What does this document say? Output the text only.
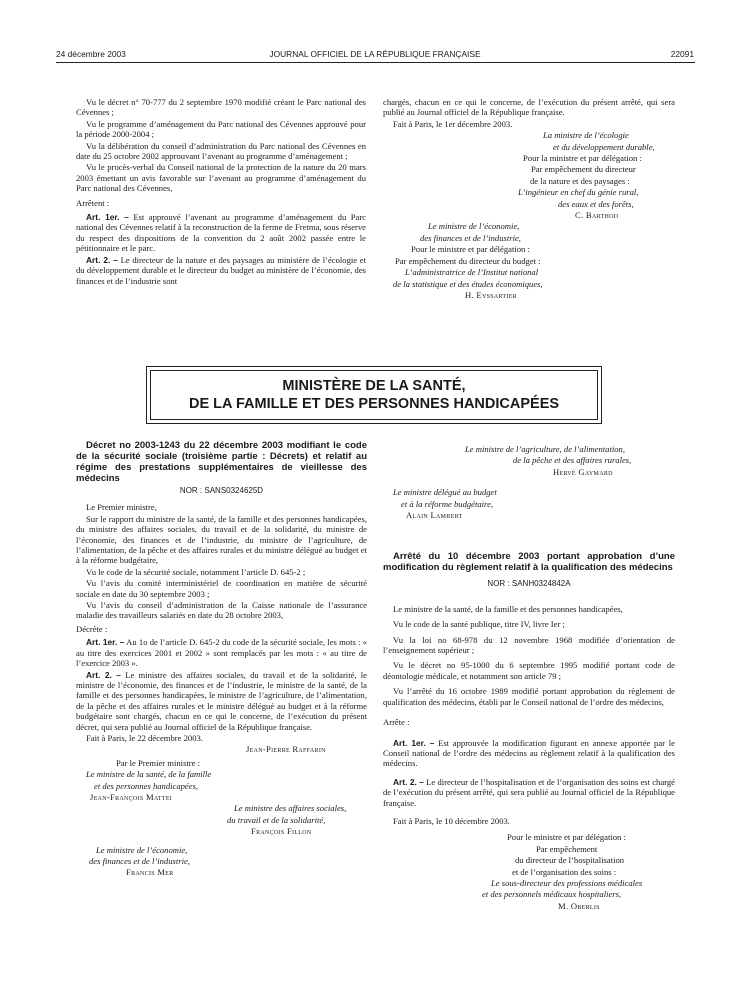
24 décembre 2003	JOURNAL OFFICIEL DE LA RÉPUBLIQUE FRANÇAISE	22091

Vu le décret n° 70-777 du 2 septembre 1970 modifié créant le Parc national des Cévennes ;

Vu le programme d’aménagement du Parc national des Cévennes approuvé pour la période 2000-2004 ;

Vu la délibération du conseil d’administration du Parc national des Cévennes en date du 25 octobre 2002 approuvant l’avenant au programme d’aménagement ;

Vu le procès-verbal du Conseil national de la protection de la nature du 20 mars 2003 émettant un avis favorable sur l’avenant au programme d’aménagement du Parc national des Cévennes,

Arrêtent :

Art. 1er. – Est approuvé l’avenant au programme d’aménagement du Parc national des Cévennes relatif à la reconstruction de la ferme de Fretma, sous réserve du respect des dispositions de la convention du 2 août 2002 passée entre le pétitionnaire et le parc.

Art. 2. – Le directeur de la nature et des paysages au ministère de l’écologie et du développement durable et le directeur du budget au ministère de l’économie, des finances et de l’industrie sont

chargés, chacun en ce qui le concerne, de l’exécution du présent arrêté, qui sera publié au Journal officiel de la République française.

Fait à Paris, le 1er décembre 2003.

La ministre de l’écologie

et du développement durable,

Pour la ministre et par délégation :

Par empêchement du directeur

de la nature et des paysages :

L’ingénieur en chef du génie rural,

des eaux et des forêts,

C. Barthod

Le ministre de l’économie,

des finances et de l’industrie,

Pour le ministre et par délégation :

Par empêchement du directeur du budget :

L’administratrice de l’Institut national

de la statistique et des études économiques,

H. Eyssartier

MINISTÈRE DE LA SANTÉ,
DE LA FAMILLE ET DES PERSONNES HANDICAPÉES

Décret no 2003-1243 du 22 décembre 2003 modifiant le code de la sécurité sociale (troisième partie : Décrets) et relatif au régime des prestations supplémentaires de vieillesse des médecins

NOR : SANS0324625D

Le Premier ministre,

Sur le rapport du ministre de la santé, de la famille et des personnes handicapées, du ministre des affaires sociales, du travail et de la solidarité, du ministre de l’économie, des finances et de l’industrie, du ministre de l’agriculture, de l’alimentation, de la pêche et des affaires rurales et du ministre délégué au budget et à la réforme budgétaire,

Vu le code de la sécurité sociale, notamment l’article D. 645-2 ;

Vu l’avis du comité interministériel de coordination en matière de sécurité sociale en date du 30 septembre 2003 ;

Vu l’avis du conseil d’administration de la Caisse nationale de l’assurance maladie des travailleurs salariés en date du 28 octobre 2003,

Décrète :

Art. 1er. – Au 1o de l’article D. 645-2 du code de la sécurité sociale, les mots : « au titre des exercices 2001 et 2002 » sont remplacés par les mots : « au titre de l’exercice 2003 ».

Art. 2. – Le ministre des affaires sociales, du travail et de la solidarité, le ministre de l’économie, des finances et de l’industrie, le ministre de la santé, de la famille et des personnes handicapées, le ministre de l’agriculture, de l’alimentation, de la pêche et des affaires rurales et le ministre délégué au budget et à la réforme budgétaire sont chargés, chacun en ce qui le concerne, de l’exécution du présent décret, qui sera publié au Journal officiel de la République française.

Fait à Paris, le 22 décembre 2003.

Jean-Pierre Raffarin

Par le Premier ministre :

Le ministre de la santé, de la famille

et des personnes handicapées,

Jean-François Mattei

Le ministre des affaires sociales,

du travail et de la solidarité,

François Fillon

Le ministre de l’économie,

des finances et de l’industrie,

Francis Mer

Le ministre de l’agriculture, de l’alimentation,

de la pêche et des affaires rurales,

Hervé Gaymard

Le ministre délégué au budget

et à la réforme budgétaire,

Alain Lambert

Arrêté du 10 décembre 2003 portant approbation d’une modification du règlement relatif à la qualification des médecins

NOR : SANH0324842A

Le ministre de la santé, de la famille et des personnes handicapées,

Vu le code de la santé publique, titre IV, livre Ier ;

Vu la loi no 68-978 du 12 novembre 1968 modifiée d’orientation de l’enseignement supérieur ;

Vu le décret no 95-1000 du 6 septembre 1995 modifié portant code de déontologie médicale, et notamment son article 79 ;

Vu l’arrêté du 16 octobre 1989 modifié portant approbation du règlement de qualification des médecins, établi par le Conseil national de l’ordre des médecins,

Arrête :

Art. 1er. – Est approuvée la modification figurant en annexe apportée par le Conseil national de l’ordre des médecins au règlement relatif à la qualification des médecins.

Art. 2. – Le directeur de l’hospitalisation et de l’organisation des soins est chargé de l’exécution du présent arrêté, qui sera publié au Journal officiel de la République française.

Fait à Paris, le 10 décembre 2003.

Pour le ministre et par délégation :

Par empêchement

du directeur de l’hospitalisation

et de l’organisation des soins :

Le sous-directeur des professions médicales

et des personnels médicaux hospitaliers,

M. Oberlis
